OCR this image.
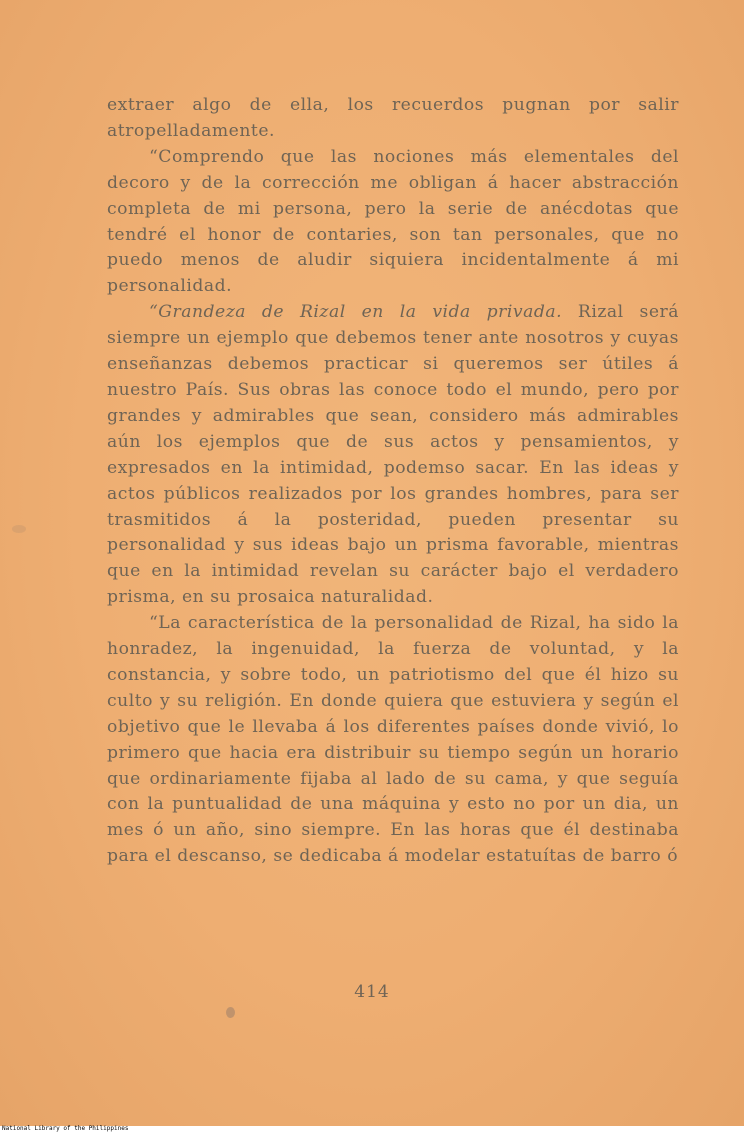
extraer algo de ella, los recuerdos pugnan por salir atropelladamente.

“Comprendo que las nociones más elementales del decoro y de la corrección me obligan á hacer abstracción completa de mi persona, pero la serie de anécdotas que tendré el honor de contaries, son tan personales, que no puedo menos de aludir siquiera incidentalmente á mi personalidad.

“Grandeza de Rizal en la vida privada. Rizal será siempre un ejemplo que debemos tener ante nosotros y cuyas enseñanzas debemos practicar si queremos ser útiles á nuestro País. Sus obras las conoce todo el mundo, pero por grandes y admirables que sean, considero más admirables aún los ejemplos que de sus actos y pensamientos, y expresados en la intimidad, podemso sacar. En las ideas y actos públicos realizados por los grandes hombres, para ser trasmitidos á la posteridad, pueden presentar su personalidad y sus ideas bajo un prisma favorable, mientras que en la intimidad revelan su carácter bajo el verdadero prisma, en su prosaica naturalidad.

“La característica de la personalidad de Rizal, ha sido la honradez, la ingenuidad, la fuerza de voluntad, y la constancia, y sobre todo, un patriotismo del que él hizo su culto y su religión. En donde quiera que estuviera y según el objetivo que le llevaba á los diferentes países donde vivió, lo primero que hacia era distribuir su tiempo según un horario que ordinariamente fijaba al lado de su cama, y que seguía con la puntualidad de una máquina y esto no por un dia, un mes ó un año, sino siempre. En las horas que él destinaba para el descanso, se dedicaba á modelar estatuítas de barro ó

414
National Library of the Philippines
